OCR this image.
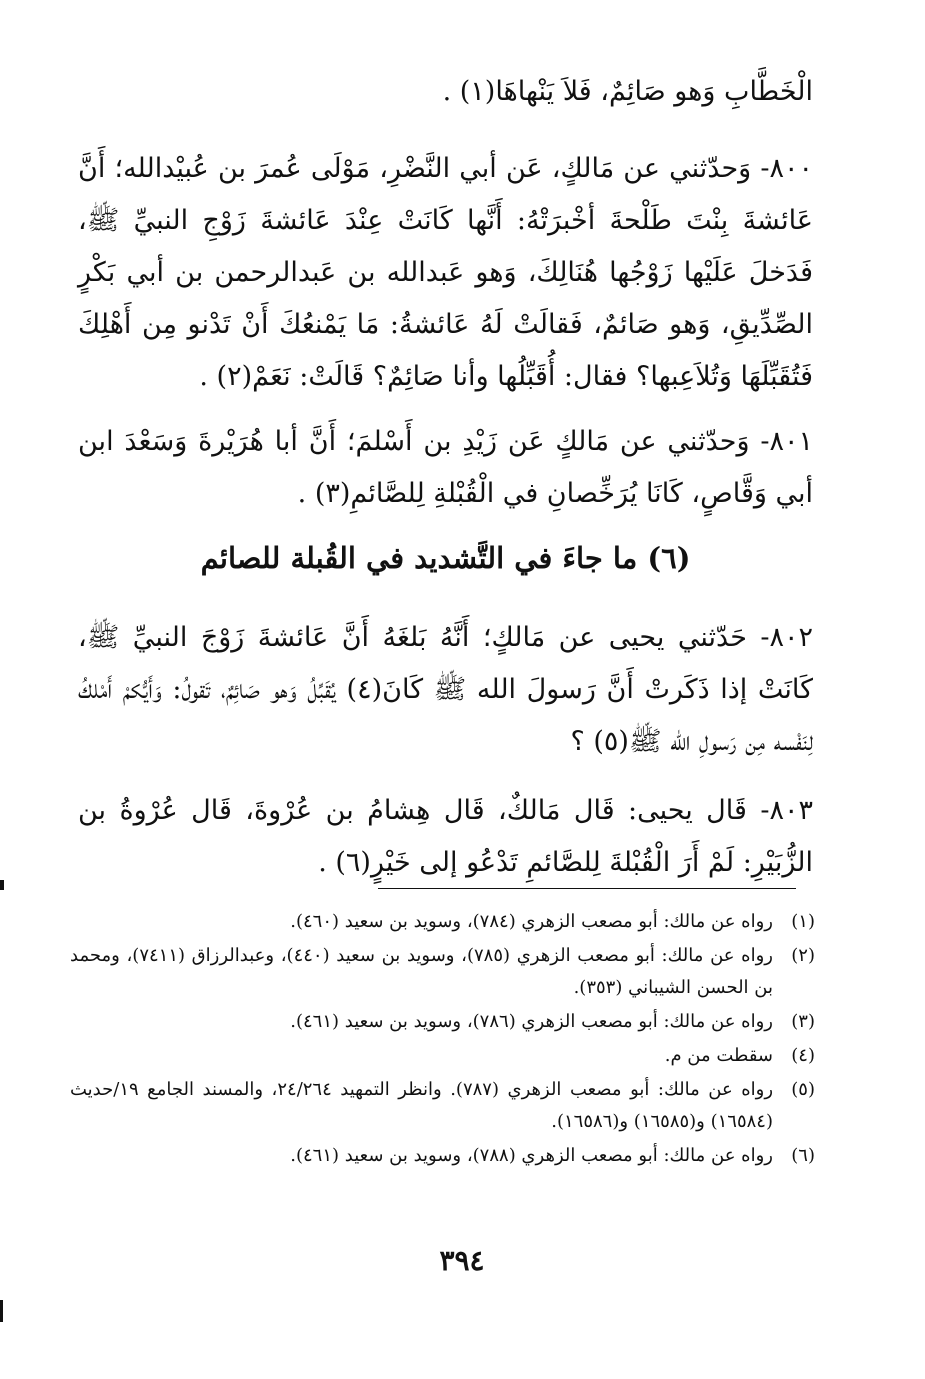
الْخَطَّابِ وَهو صَائِمٌ، فَلاَ يَنْهاهَا(١) .

٨٠٠- وَحدّثني عن مَالكٍ، عَن أبي النَّضْرِ، مَوْلَى عُمرَ بن عُبيْدالله؛ أَنَّ عَائشةَ بِنْتَ طَلْحةَ أخْبرَتْهُ: أَنَّها كَانَتْ عِنْدَ عَائشةَ زَوْجِ النبيِّ ﷺ، فَدَخلَ عَلَيْها زَوْجُها هُنَالِكَ، وَهو عَبدالله بن عَبدالرحمن بن أبي بَكْرٍ الصِّدِّيقِ، وَهو صَائمٌ، فَقالَتْ لَهُ عَائشةُ: مَا يَمْنعُكَ أَنْ تَدْنو مِن أَهْلِكَ فَتُقَبِّلَهَا وَتُلاَعِبها؟ فقال: أُقَبِّلُها وأنا صَائِمٌ؟ قَالَتْ: نَعَمْ(٢) .

٨٠١- وَحدّثني عن مَالكٍ عَن زَيْدِ بن أَسْلمَ؛ أَنَّ أبا هُرَيْرةَ وَسَعْدَ ابن أبي وَقَّاصٍ، كَانَا يُرَخِّصانِ في الْقُبْلةِ لِلصَّائمِ(٣) .

(٦) ما جاءَ في التَّشديد في القُبلة للصائم

٨٠٢- حَدّثني يحيى عن مَالكٍ؛ أَنَّهُ بَلغَهُ أَنَّ عَائشةَ زَوْجَ النبيِّ ﷺ، كَانَتْ إذا ذَكَرتْ أَنَّ رَسولَ الله ﷺ كَانَ(٤) يُقَبِّلُ وَهو صَائِمٌ، تَقولُ: وَأَيُّكمْ أَمْلكُ لِنَفْسه مِن رَسولِ الله ﷺ(٥) ؟

٨٠٣- قَال يحيى: قَال مَالكٌ، قَال هِشامُ بن عُرْوةَ، قَال عُرْوةُ بن الزُّبَيْرِ: لَمْ أَرَ الْقُبْلةَ لِلصَّائمِ تَدْعُو إلى خَيْرٍ(٦) .

(١)
رواه عن مالك: أبو مصعب الزهري (٧٨٤)، وسويد بن سعيد (٤٦٠).
(٢)
رواه عن مالك: أبو مصعب الزهري (٧٨٥)، وسويد بن سعيد (٤٤٠)، وعبدالرزاق (٧٤١١)، ومحمد بن الحسن الشيباني (٣٥٣).
(٣)
رواه عن مالك: أبو مصعب الزهري (٧٨٦)، وسويد بن سعيد (٤٦١).
(٤)
سقطت من م.
(٥)
رواه عن مالك: أبو مصعب الزهري (٧٨٧). وانظر التمهيد ٢٤/٢٦٤، والمسند الجامع ١٩/حديث (١٦٥٨٤) و(١٦٥٨٥) و(١٦٥٨٦).
(٦)
رواه عن مالك: أبو مصعب الزهري (٧٨٨)، وسويد بن سعيد (٤٦١).
٣٩٤
